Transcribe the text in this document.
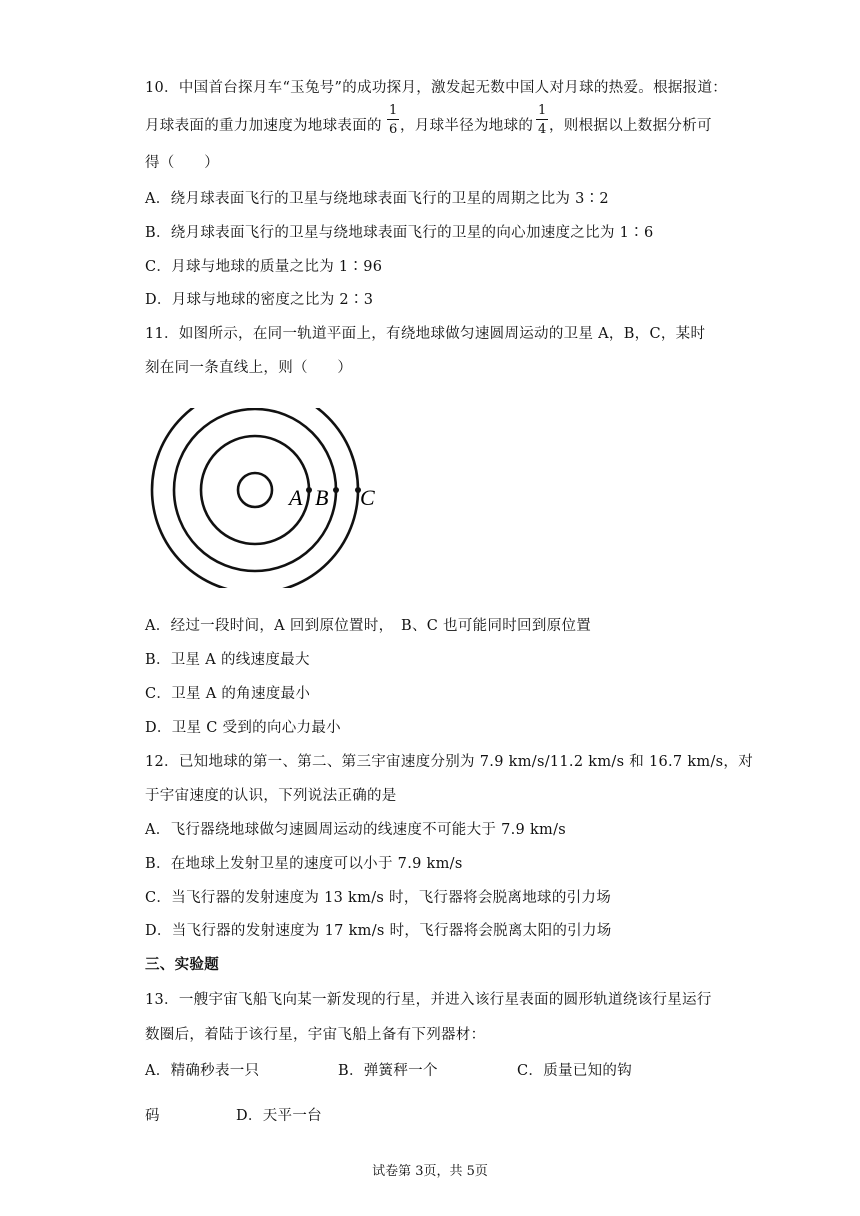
10．中国首台探月车“玉兔号”的成功探月，激发起无数中国人对月球的热爱。根据报道：
月球表面的重力加速度为地球表面的 $\frac{1}{6}$ ，月球半径为地球的 $\frac{1}{4}$ ，则根据以上数据分析可
得（　　）
A．绕月球表面飞行的卫星与绕地球表面飞行的卫星的周期之比为 3∶2
B．绕月球表面飞行的卫星与绕地球表面飞行的卫星的向心加速度之比为 1∶6
C．月球与地球的质量之比为 1∶96
D．月球与地球的密度之比为 2∶3
11．如图所示，在同一轨道平面上，有绕地球做匀速圆周运动的卫星 A，B，C，某时
刻在同一条直线上，则（　　）
A B C
A．经过一段时间，A 回到原位置时，　B、C 也可能同时回到原位置
B．卫星 A 的线速度最大
C．卫星 A 的角速度最小
D．卫星 C 受到的向心力最小
12．已知地球的第一、第二、第三宇宙速度分别为 7.9 km/s/11.2 km/s 和 16.7 km/s，对
于宇宙速度的认识，下列说法正确的是
A．飞行器绕地球做匀速圆周运动的线速度不可能大于 7.9 km/s
B．在地球上发射卫星的速度可以小于 7.9 km/s
C．当飞行器的发射速度为 13 km/s 时，飞行器将会脱离地球的引力场
D．当飞行器的发射速度为 17 km/s 时，飞行器将会脱离太阳的引力场
三、实验题
13．一艘宇宙飞船飞向某一新发现的行星，并进入该行星表面的圆形轨道绕该行星运行
数圈后，着陆于该行星，宇宙飞船上备有下列器材：
A．精确秒表一只	B．弹簧秤一个	C．质量已知的钩
码	D．天平一台
试卷第 3页，共 5页
